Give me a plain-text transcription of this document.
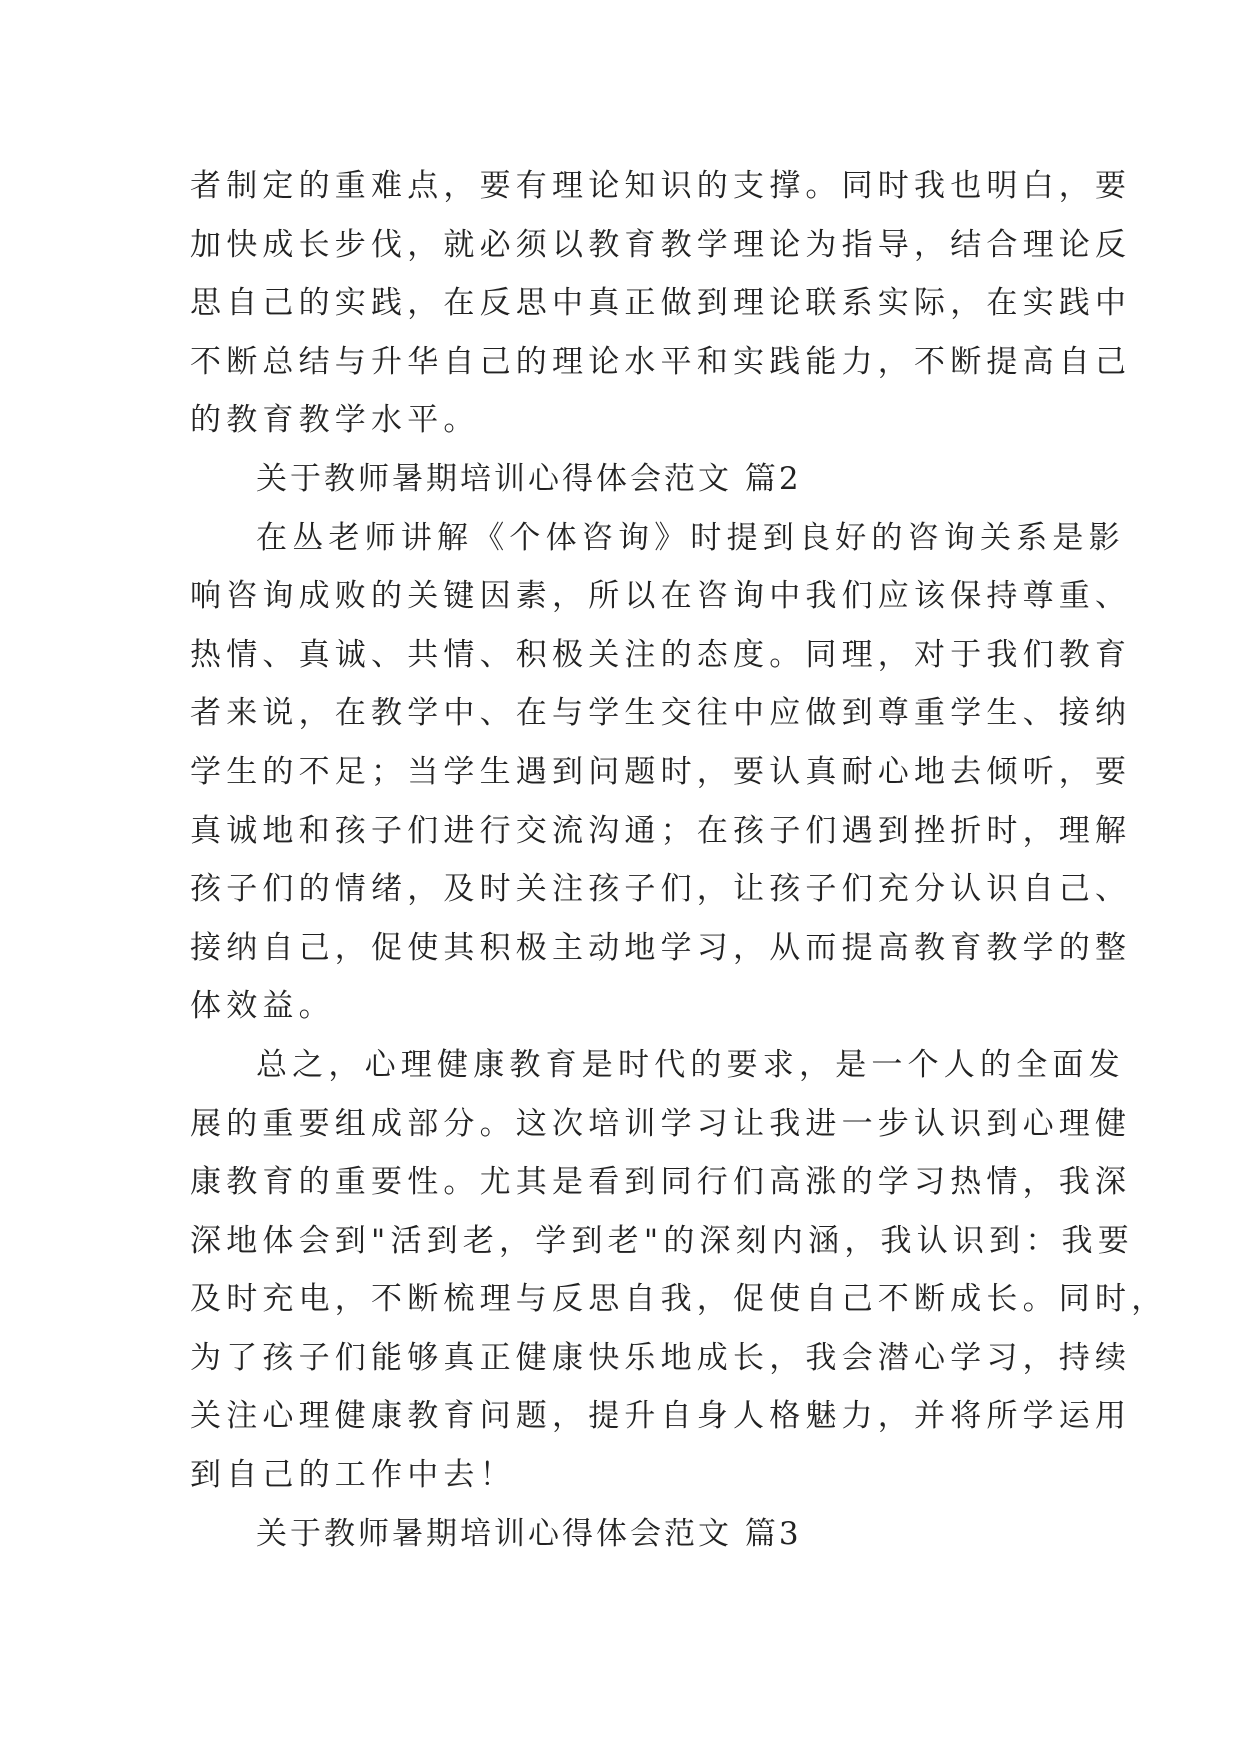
者制定的重难点，要有理论知识的支撑。同时我也明白，要
加快成长步伐，就必须以教育教学理论为指导，结合理论反
思自己的实践，在反思中真正做到理论联系实际，在实践中
不断总结与升华自己的理论水平和实践能力，不断提高自己
的教育教学水平。
关于教师暑期培训心得体会范文 篇2
在丛老师讲解《个体咨询》时提到良好的咨询关系是影
响咨询成败的关键因素，所以在咨询中我们应该保持尊重、
热情、真诚、共情、积极关注的态度。同理，对于我们教育
者来说，在教学中、在与学生交往中应做到尊重学生、接纳
学生的不足；当学生遇到问题时，要认真耐心地去倾听，要
真诚地和孩子们进行交流沟通；在孩子们遇到挫折时，理解
孩子们的情绪，及时关注孩子们，让孩子们充分认识自己、
接纳自己，促使其积极主动地学习，从而提高教育教学的整
体效益。
总之，心理健康教育是时代的要求，是一个人的全面发
展的重要组成部分。这次培训学习让我进一步认识到心理健
康教育的重要性。尤其是看到同行们高涨的学习热情，我深
深地体会到"活到老，学到老"的深刻内涵，我认识到：我要
及时充电，不断梳理与反思自我，促使自己不断成长。同时，
为了孩子们能够真正健康快乐地成长，我会潜心学习，持续
关注心理健康教育问题，提升自身人格魅力，并将所学运用
到自己的工作中去！
关于教师暑期培训心得体会范文 篇3
